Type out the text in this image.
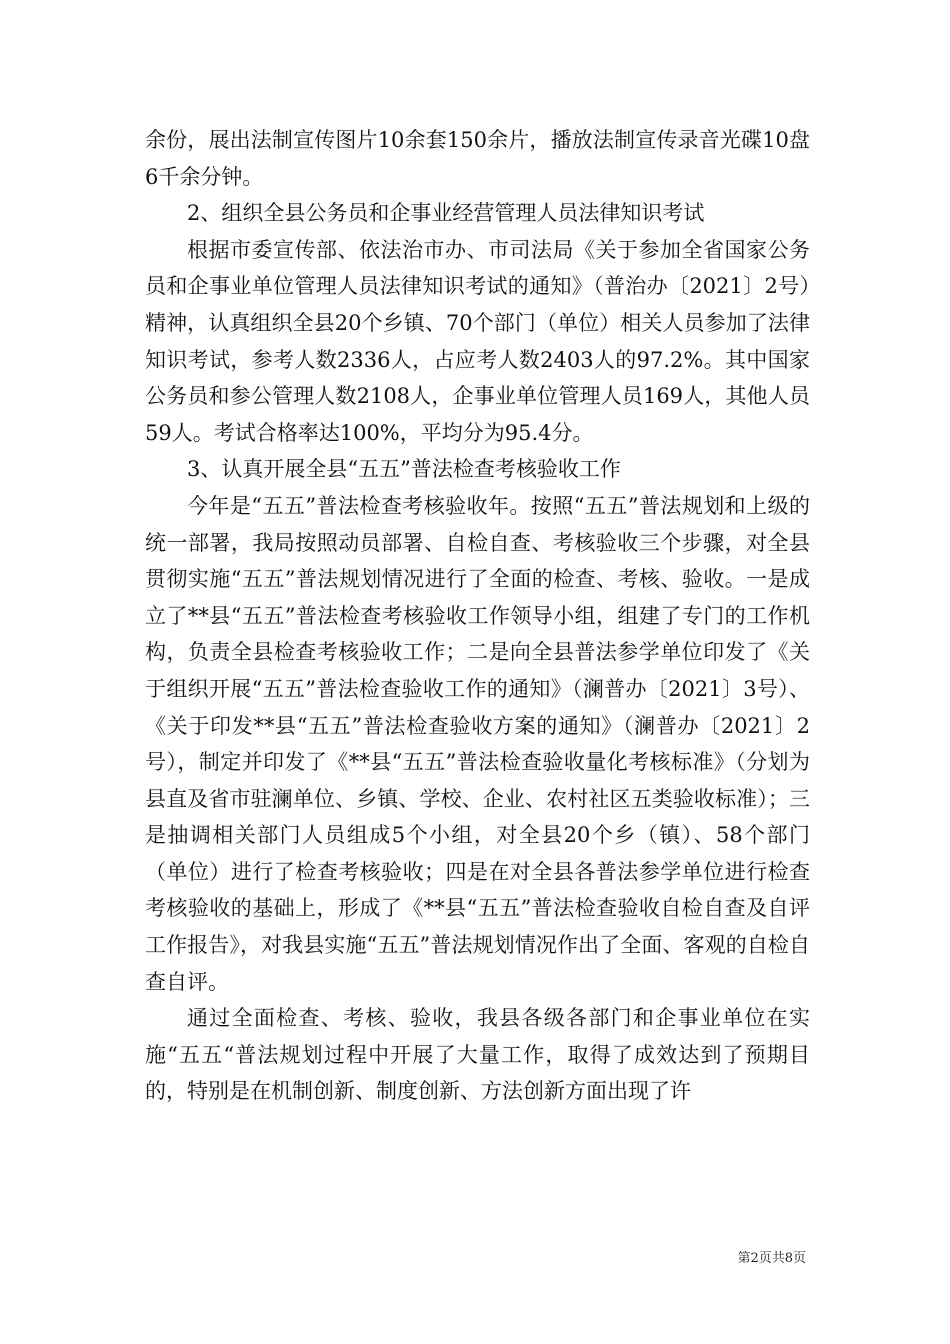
余份，展出法制宣传图片10余套150余片，播放法制宣传录音光碟10盘6千余分钟。

2、组织全县公务员和企事业经营管理人员法律知识考试

根据市委宣传部、依法治市办、市司法局《关于参加全省国家公务员和企事业单位管理人员法律知识考试的通知》（普治办〔2021〕2号）精神，认真组织全县20个乡镇、70个部门（单位）相关人员参加了法律知识考试，参考人数2336人，占应考人数2403人的97.2%。其中国家公务员和参公管理人数2108人，企事业单位管理人员169人，其他人员59人。考试合格率达100%，平均分为95.4分。

3、认真开展全县“五五”普法检查考核验收工作

今年是“五五”普法检查考核验收年。按照“五五”普法规划和上级的统一部署，我局按照动员部署、自检自查、考核验收三个步骤，对全县贯彻实施“五五”普法规划情况进行了全面的检查、考核、验收。一是成立了**县“五五”普法检查考核验收工作领导小组，组建了专门的工作机构，负责全县检查考核验收工作；二是向全县普法参学单位印发了《关于组织开展“五五”普法检查验收工作的通知》（澜普办〔2021〕3号）、《关于印发**县“五五”普法检查验收方案的通知》（澜普办〔2021〕2号），制定并印发了《**县“五五”普法检查验收量化考核标准》（分划为县直及省市驻澜单位、乡镇、学校、企业、农村社区五类验收标准）；三是抽调相关部门人员组成5个小组，对全县20个乡（镇）、58个部门（单位）进行了检查考核验收；四是在对全县各普法参学单位进行检查考核验收的基础上，形成了《**县“五五”普法检查验收自检自查及自评工作报告》，对我县实施“五五”普法规划情况作出了全面、客观的自检自查自评。

通过全面检查、考核、验收，我县各级各部门和企事业单位在实施“五五“普法规划过程中开展了大量工作，取得了成效达到了预期目的，特别是在机制创新、制度创新、方法创新方面出现了许

第2页共8页
